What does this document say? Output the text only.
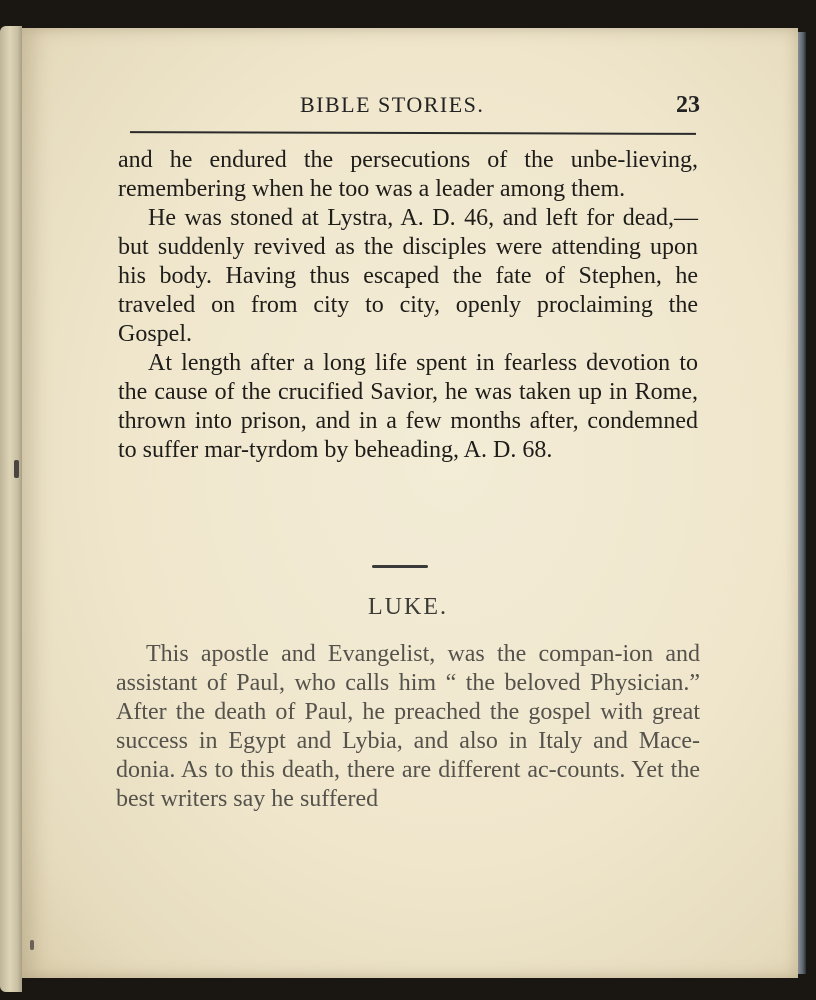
BIBLE STORIES.	23

and he endured the persecutions of the unbe-lieving, remembering when he too was a leader among them.

He was stoned at Lystra, A. D. 46, and left for dead,—but suddenly revived as the disciples were attending upon his body. Having thus escaped the fate of Stephen, he traveled on from city to city, openly proclaiming the Gospel.

At length after a long life spent in fearless devotion to the cause of the crucified Savior, he was taken up in Rome, thrown into prison, and in a few months after, condemned to suffer mar-tyrdom by beheading, A. D. 68.

LUKE.

This apostle and Evangelist, was the compan-ion and assistant of Paul, who calls him “ the beloved Physician.” After the death of Paul, he preached the gospel with great success in Egypt and Lybia, and also in Italy and Mace-donia. As to this death, there are different ac-counts. Yet the best writers say he suffered
